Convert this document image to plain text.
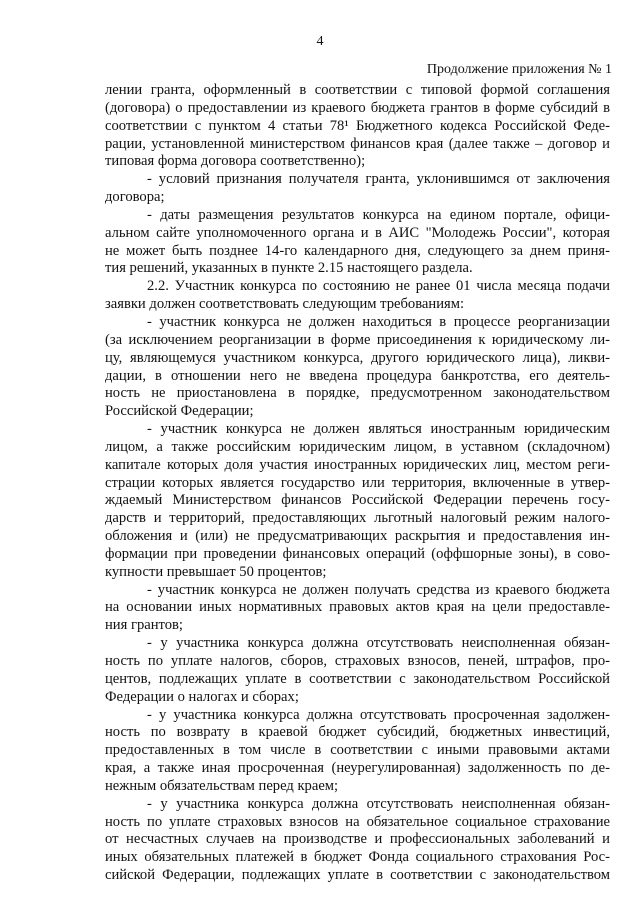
4
Продолжение приложения № 1
лении гранта, оформленный в соответствии с типовой формой соглашения
(договора) о предоставлении из краевого бюджета грантов в форме субсидий в
соответствии с пунктом 4 статьи 78¹ Бюджетного кодекса Российской Феде-
рации, установленной министерством финансов края (далее также – договор и
типовая форма договора соответственно);
- условий признания получателя гранта, уклонившимся от заключения
договора;
- даты размещения результатов конкурса на едином портале, офици-
альном сайте уполномоченного органа и в АИС "Молодежь России", которая
не может быть позднее 14-го календарного дня, следующего за днем приня-
тия решений, указанных в пункте 2.15 настоящего раздела.
2.2. Участник конкурса по состоянию не ранее 01 числа месяца подачи
заявки должен соответствовать следующим требованиям:
- участник конкурса не должен находиться в процессе реорганизации
(за исключением реорганизации в форме присоединения к юридическому ли-
цу, являющемуся участником конкурса, другого юридического лица), ликви-
дации, в отношении него не введена процедура банкротства, его деятель-
ность не приостановлена в порядке, предусмотренном законодательством
Российской Федерации;
- участник конкурса не должен являться иностранным юридическим
лицом, а также российским юридическим лицом, в уставном (складочном)
капитале которых доля участия иностранных юридических лиц, местом реги-
страции которых является государство или территория, включенные в утвер-
ждаемый Министерством финансов Российской Федерации перечень госу-
дарств и территорий, предоставляющих льготный налоговый режим налого-
обложения и (или) не предусматривающих раскрытия и предоставления ин-
формации при проведении финансовых операций (оффшорные зоны), в сово-
купности превышает 50 процентов;
- участник конкурса не должен получать средства из краевого бюджета
на основании иных нормативных правовых актов края на цели предоставле-
ния грантов;
- у участника конкурса должна отсутствовать неисполненная обязан-
ность по уплате налогов, сборов, страховых взносов, пеней, штрафов, про-
центов, подлежащих уплате в соответствии с законодательством Российской
Федерации о налогах и сборах;
- у участника конкурса должна отсутствовать просроченная задолжен-
ность по возврату в краевой бюджет субсидий, бюджетных инвестиций,
предоставленных в том числе в соответствии с иными правовыми актами
края, а также иная просроченная (неурегулированная) задолженность по де-
нежным обязательствам перед краем;
- у участника конкурса должна отсутствовать неисполненная обязан-
ность по уплате страховых взносов на обязательное социальное страхование
от несчастных случаев на производстве и профессиональных заболеваний и
иных обязательных платежей в бюджет Фонда социального страхования Рос-
сийской Федерации, подлежащих уплате в соответствии с законодательством
